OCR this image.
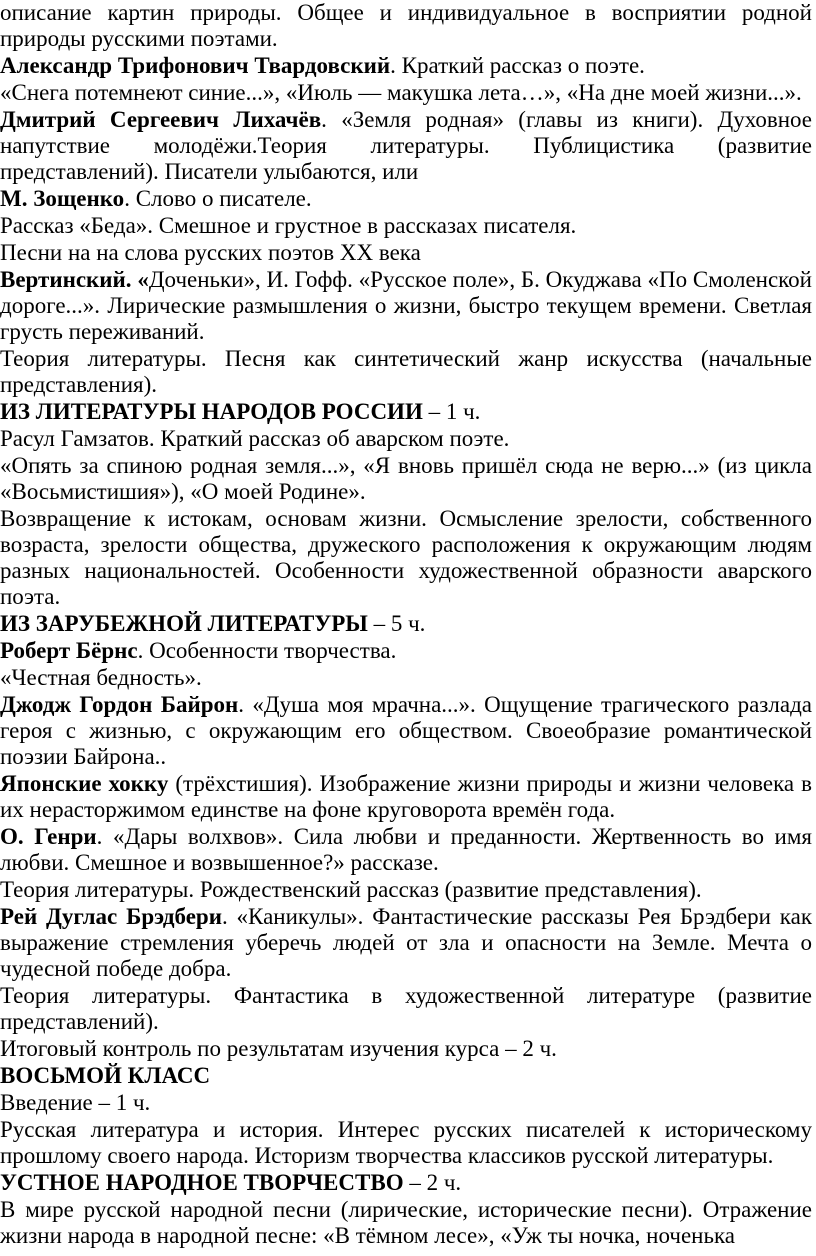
описание картин природы. Общее и индивидуальное в восприятии родной природы русскими поэтами.

Александр Трифонович Твардовский. Краткий рассказ о поэте.

«Снега потемнеют синие...», «Июль — макушка лета…», «На дне моей жизни...».

Дмитрий Сергеевич Лихачёв. «Земля родная» (главы из книги). Духовное напутствие молодёжи.Теория литературы. Публицистика (развитие представлений). Писатели улыбаются, или

М. Зощенко. Слово о писателе.

Рассказ «Беда». Смешное и грустное в рассказах писателя.

Песни на на слова русских поэтов XX века

Вертинский. «Доченьки», И. Гофф. «Русское поле», Б. Окуджава «По Смоленской дороге...». Лирические размышления о жизни, быстро текущем времени. Светлая грусть переживаний.

Теория литературы. Песня как синтетический жанр искусства (начальные представления).

ИЗ ЛИТЕРАТУРЫ НАРОДОВ РОССИИ – 1 ч.

Расул Гамзатов. Краткий рассказ об аварском поэте.

«Опять за спиною родная земля...», «Я вновь пришёл сюда не верю...» (из цикла «Восьмистишия»), «О моей Родине».

Возвращение к истокам, основам жизни. Осмысление зрелости, собственного возраста, зрелости общества, дружеского расположения к окружающим людям разных национальностей. Особенности художественной образности аварского поэта.

ИЗ ЗАРУБЕЖНОЙ ЛИТЕРАТУРЫ – 5 ч.

Роберт Бёрнс. Особенности творчества.

«Честная бедность».

Джодж Гордон Байрон. «Душа моя мрачна...». Ощущение трагического разлада героя с жизнью, с окружающим его обществом. Своеобразие романтической поэзии Байрона..

Японские хокку (трёхстишия). Изображение жизни природы и жизни человека в их нерасторжимом единстве на фоне круговорота времён года.

О. Генри. «Дары волхвов». Сила любви и преданности. Жертвенность во имя любви. Смешное и возвышенное?» рассказе.

Теория литературы. Рождественский рассказ (развитие представления).

Рей Дуглас Брэдбери. «Каникулы». Фантастические рассказы Рея Брэдбери как выражение стремления уберечь людей от зла и опасности на Земле. Мечта о чудесной победе добра.

Теория литературы. Фантастика в художественной литературе (развитие представлений).

Итоговый контроль по результатам изучения курса – 2 ч.

ВОСЬМОЙ КЛАСС

Введение – 1 ч.

Русская литература и история. Интерес русских писателей к историческому прошлому своего народа. Историзм творчества классиков русской литературы.

УСТНОЕ НАРОДНОЕ ТВОРЧЕСТВО – 2 ч.

В мире русской народной песни (лирические, исторические песни). Отражение жизни народа в народной песне: «В тёмном лесе», «Уж ты ночка, ноченька
